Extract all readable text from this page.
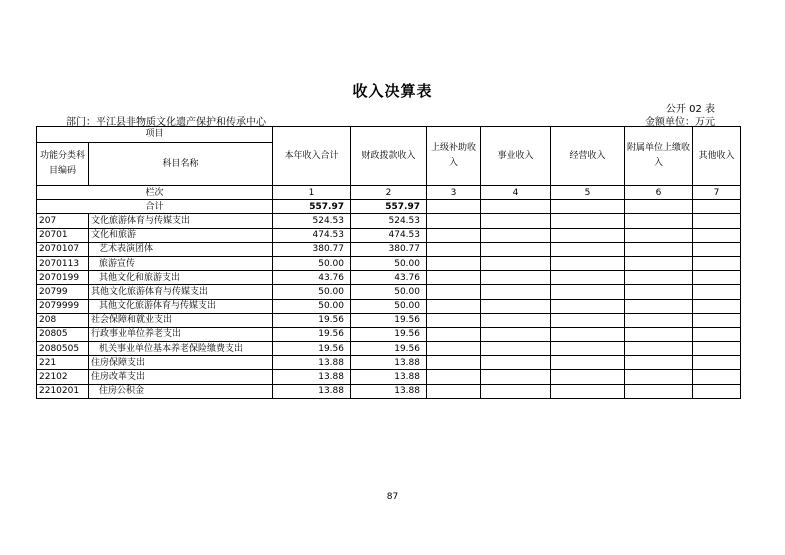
收入决算表
公开 02 表
部门：平江县非物质文化遗产保护和传承中心	金额单位：万元
项目		本年收入合计	财政拨款收入	上级补助收入	事业收入	经营收入	附属单位上缴收入	其他收入
功能分类科目编码	科目名称							
栏次		1	2	3	4	5	6	7
合计		557.97	557.97					
207	文化旅游体育与传媒支出	524.53	524.53					
20701	文化和旅游	474.53	474.53					
2070107	艺术表演团体	380.77	380.77					
2070113	旅游宣传	50.00	50.00					
2070199	其他文化和旅游支出	43.76	43.76					
20799	其他文化旅游体育与传媒支出	50.00	50.00					
2079999	其他文化旅游体育与传媒支出	50.00	50.00					
208	社会保障和就业支出	19.56	19.56					
20805	行政事业单位养老支出	19.56	19.56					
2080505	机关事业单位基本养老保险缴费支出	19.56	19.56					
221	住房保障支出	13.88	13.88					
22102	住房改革支出	13.88	13.88					
2210201	住房公积金	13.88	13.88					
87
